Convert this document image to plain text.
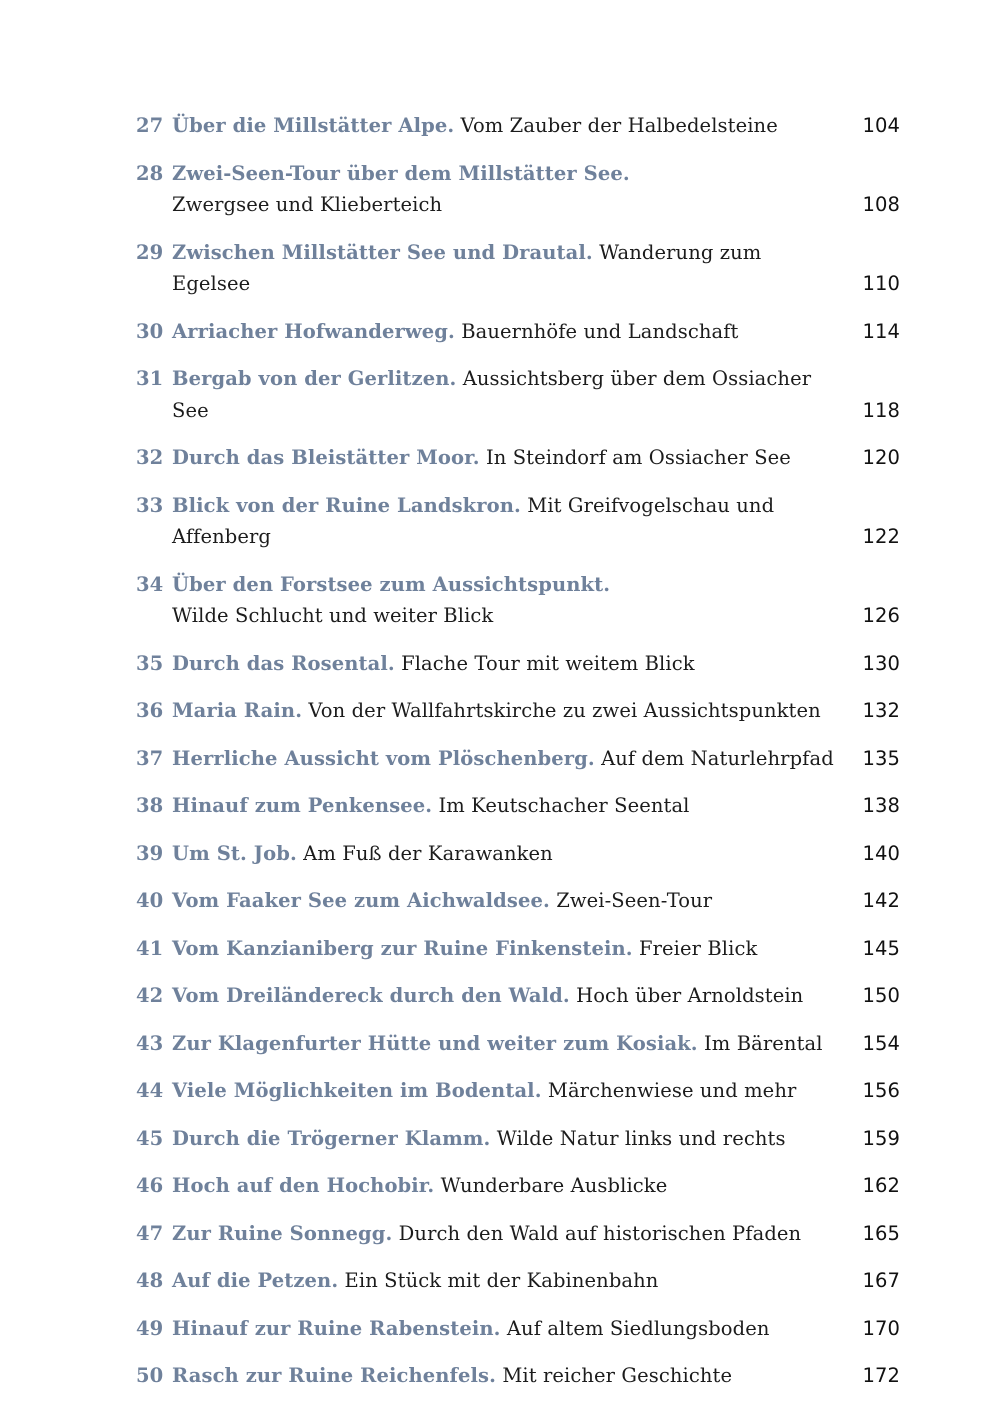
27 Über die Millstätter Alpe. Vom Zauber der Halbedelsteine	104
28 Zwei-Seen-Tour über dem Millstätter See.
Zwergsee und Klieberteich	108
29 Zwischen Millstätter See und Drautal. Wanderung zum Egelsee	110
30 Arriacher Hofwanderweg. Bauernhöfe und Landschaft	114
31 Bergab von der Gerlitzen. Aussichtsberg über dem Ossiacher See	118
32 Durch das Bleistätter Moor. In Steindorf am Ossiacher See	120
33 Blick von der Ruine Landskron. Mit Greifvogelschau und Affenberg	122
34 Über den Forstsee zum Aussichtspunkt.
Wilde Schlucht und weiter Blick	126
35 Durch das Rosental. Flache Tour mit weitem Blick	130
36 Maria Rain. Von der Wallfahrtskirche zu zwei Aussichtspunkten	132
37 Herrliche Aussicht vom Plöschenberg. Auf dem Naturlehrpfad	135
38 Hinauf zum Penkensee. Im Keutschacher Seental	138
39 Um St. Job. Am Fuß der Karawanken	140
40 Vom Faaker See zum Aichwaldsee. Zwei-Seen-Tour	142
41 Vom Kanzianiberg zur Ruine Finkenstein. Freier Blick	145
42 Vom Dreiländereck durch den Wald. Hoch über Arnoldstein	150
43 Zur Klagenfurter Hütte und weiter zum Kosiak. Im Bärental	154
44 Viele Möglichkeiten im Bodental. Märchenwiese und mehr	156
45 Durch die Trögerner Klamm. Wilde Natur links und rechts	159
46 Hoch auf den Hochobir. Wunderbare Ausblicke	162
47 Zur Ruine Sonnegg. Durch den Wald auf historischen Pfaden	165
48 Auf die Petzen. Ein Stück mit der Kabinenbahn	167
49 Hinauf zur Ruine Rabenstein. Auf altem Siedlungsboden	170
50 Rasch zur Ruine Reichenfels. Mit reicher Geschichte	172
